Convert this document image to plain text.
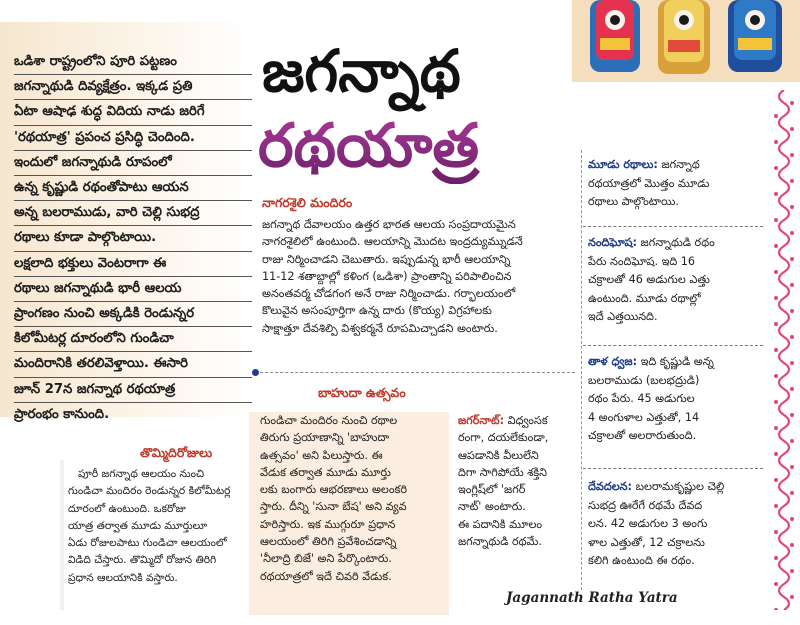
ఒడిశా రాష్ట్రంలోని పూరి పట్టణం
జగన్నాథుడి దివ్యక్షేత్రం. ఇక్కడ ప్రతి
ఏటా ఆషాఢ శుద్ధ విదియ నాడు జరిగే
'రథయాత్ర' ప్రపంచ ప్రసిద్ధి చెందింది.
ఇందులో జగన్నాథుడి రూపంలో
ఉన్న కృష్ణుడి రథంతోపాటు ఆయన
అన్న బలరాముడు, వారి చెల్లి సుభద్ర
రథాలు కూడా పాల్గొంటాయి.
లక్షలాది భక్తులు వెంటరాగా ఈ
రథాలు జగన్నాథుడి భారీ ఆలయ
ప్రాంగణం నుంచి అక్కడికి రెండున్నర
కిలోమీటర్ల దూరంలోని గుండిచా
మందిరానికి తరలివెళ్తాయి. ఈసారి
జూన్ 27న జగన్నాథ రథయాత్ర
ప్రారంభం కానుంది.
జగన్నాథ
రథయాత్ర
నాగరశైలి మందిరం
జగన్నాథ దేవాలయం ఉత్తర భారత ఆలయ సంప్రదాయమైన
నాగరశైలిలో ఉంటుంది. ఆలయాన్ని మొదట ఇంద్రద్యుమ్నుడనే
రాజు నిర్మించాడని చెబుతారు. ఇప్పుడున్న భారీ ఆలయాన్ని
11-12 శతాబ్దాల్లో కళింగ (ఒడిశా) ప్రాంతాన్ని పరిపాలించిన
అనంతవర్మ చోడగంగ అనే రాజు నిర్మించాడు. గర్భాలయంలో
కొలువైన అసంపూర్తిగా ఉన్న దారు (కొయ్య) విగ్రహాలకు
సాక్షాత్తూ దేవశిల్పి విశ్వకర్మనే రూపమిచ్చాడని అంటారు.
బాహుదా ఉత్సవం
గుండిచా మందిరం నుంచి రథాల
తిరుగు ప్రయాణాన్ని 'బాహుదా
ఉత్సవం' అని పిలుస్తారు. ఈ
వేడుక తర్వాత మూడు మూర్తు
లకు బంగారు ఆభరణాలు అలంకరి
స్తారు. దీన్ని 'సునా బేష' అని వ్యవ
హరిస్తారు. ఇక ముగ్గురూ ప్రధాన
ఆలయంలో తిరిగి ప్రవేశించడాన్ని
'నీలాద్రి బిజే' అని పేర్కొంటారు.
రథయాత్రలో ఇదే చివరి వేడుక.
జగర్‌నాట్: విధ్వంసక
రంగా, దయలేకుండా,
ఆపడానికి వీలులేని
దిగా సాగిపోయే శక్తిని
ఇంగ్లిష్‌లో 'జగర్
నాట్' అంటారు.
ఈ పదానికి మూలం
జగన్నాథుడి రథమే.
తొమ్మిదిరోజులు
పూరీ జగన్నాథ ఆలయం నుంచి
గుండిచా మందిరం రెండున్నర కిలోమీటర్ల
దూరంలో ఉంటుంది. ఒకరోజు
యాత్ర తర్వాత మూడు మూర్తులూ
ఏడు రోజులపాటు గుండిచా ఆలయంలో
విడిది చేస్తారు. తొమ్మిదో రోజున తిరిగి
ప్రధాన ఆలయానికి వస్తారు.
మూడు రథాలు: జగన్నాథ
రథయాత్రలో మొత్తం మూడు
రథాలు పాల్గొంటాయి.
నందిఘోష: జగన్నాథుడి రథం
పేరు నందిఘోష. ఇది 16
చక్రాలతో 46 అడుగుల ఎత్తు
ఉంటుంది. మూడు రథాల్లో
ఇదే ఎత్తయినది.
తాళ ధ్వజ: ఇది కృష్ణుడి అన్న
బలరాముడు (బలభద్రుడి)
రథం పేరు. 45 అడుగుల
4 అంగుళాల ఎత్తుతో, 14
చక్రాలతో అలరారుతుంది.
దేవదలన: బలరామకృష్ణుల చెల్లి
సుభద్ర ఊరేగే రథమే దేవద
లన. 42 అడుగుల 3 అంగు
ళాల ఎత్తుతో, 12 చక్రాలను
కలిగి ఉంటుంది ఈ రథం.
Jagannath Ratha Yatra
